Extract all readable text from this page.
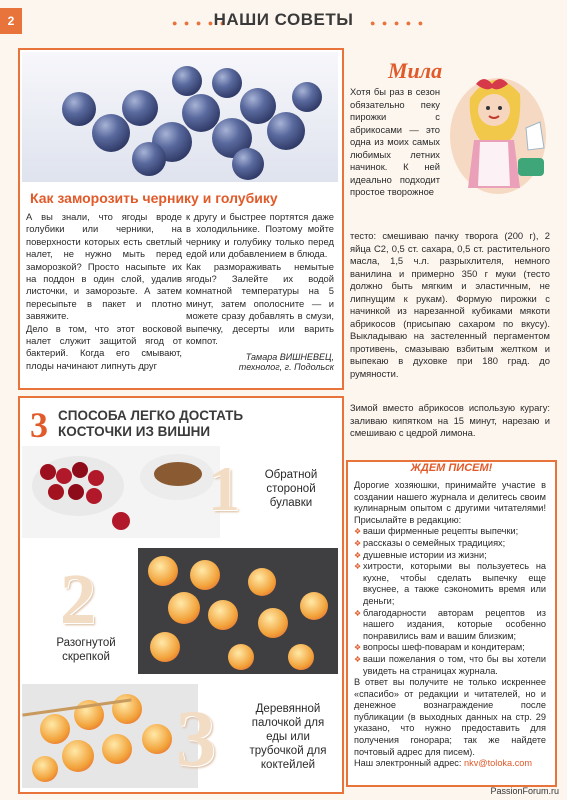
2	● ● ● ● ●
НАШИ СОВЕТЫ	● ● ● ● ●
Как заморозить чернику и голубику

А вы знали, что ягоды вроде голубики или черники, на поверхности которых есть светлый налет, не нужно мыть перед заморозкой? Просто насыпьте их на поддон в один слой, удалив листочки, и заморозьте. А затем пересыпьте в пакет и плотно завяжите.

Дело в том, что этот восковой налет служит защитой ягод от бактерий. Когда его смывают, плоды начинают липнуть друг

к другу и быстрее портятся даже в холодильнике. Поэтому мойте чернику и голубику только перед едой или добавлением в блюда.

Как размораживать немытые ягоды? Залейте их водой комнатной температуры на 5 минут, затем ополосните — и можете сразу добавлять в смузи, выпечку, десерты или варить компот.

Тамара ВИШНЕВЕЦ,
технолог, г. Подольск
Мила
Хотя бы раз в сезон обязательно пеку пирожки с абрикосами — это одна из моих самых любимых летних начинок. К ней идеально подходит простое творожное
тесто: смешиваю пачку творога (200 г), 2 яйца С2, 0,5 ст. сахара, 0,5 ст. растительного масла, 1,5 ч.л. разрыхлителя, немного ванилина и примерно 350 г муки (тесто должно быть мягким и эластичным, не липнущим к рукам). Формую пирожки с начинкой из нарезанной кубиками мякоти абрикосов (присыпаю сахаром по вкусу). Выкладываю на застеленный пергаментом противень, смазываю взбитым желтком и выпекаю в духовке при 180 град. до румяности.
Зимой вместо абрикосов использую курагу: заливаю кипятком на 15 минут, нарезаю и смешиваю с цедрой лимона.
ЖДЕМ ПИСЕМ!
Дорогие хозяюшки, принимайте участие в создании нашего журнала и делитесь своим кулинарным опытом с другими читателями! Присылайте в редакцию:
❖ ваши фирменные рецепты выпечки;
❖ рассказы о семейных традициях;
❖ душевные истории из жизни;
❖ хитрости, которыми вы пользуетесь на кухне, чтобы сделать выпечку еще вкуснее, а также сэкономить время или деньги;
❖ благодарности авторам рецептов из нашего издания, которые особенно понравились вам и вашим близким;
❖ вопросы шеф-поварам и кондитерам;
❖ ваши пожелания о том, что бы вы хотели увидеть на страницах журнала.
В ответ вы получите не только искреннее «спасибо» от редакции и читателей, но и денежное вознаграждение после публикации (в выходных данных на стр. 29 указано, что нужно предоставить для получения гонорара; так же найдете почтовый адрес для писем).
Наш электронный адрес: nkv@toloka.com
3 СПОСОБА ЛЕГКО ДОСТАТЬ КОСТОЧКИ ИЗ ВИШНИ
1	Обратной стороной булавки
2
Разогнутой скрепкой
3	Деревянной палочкой для еды или трубочкой для коктейлей
PassionForum.ru
